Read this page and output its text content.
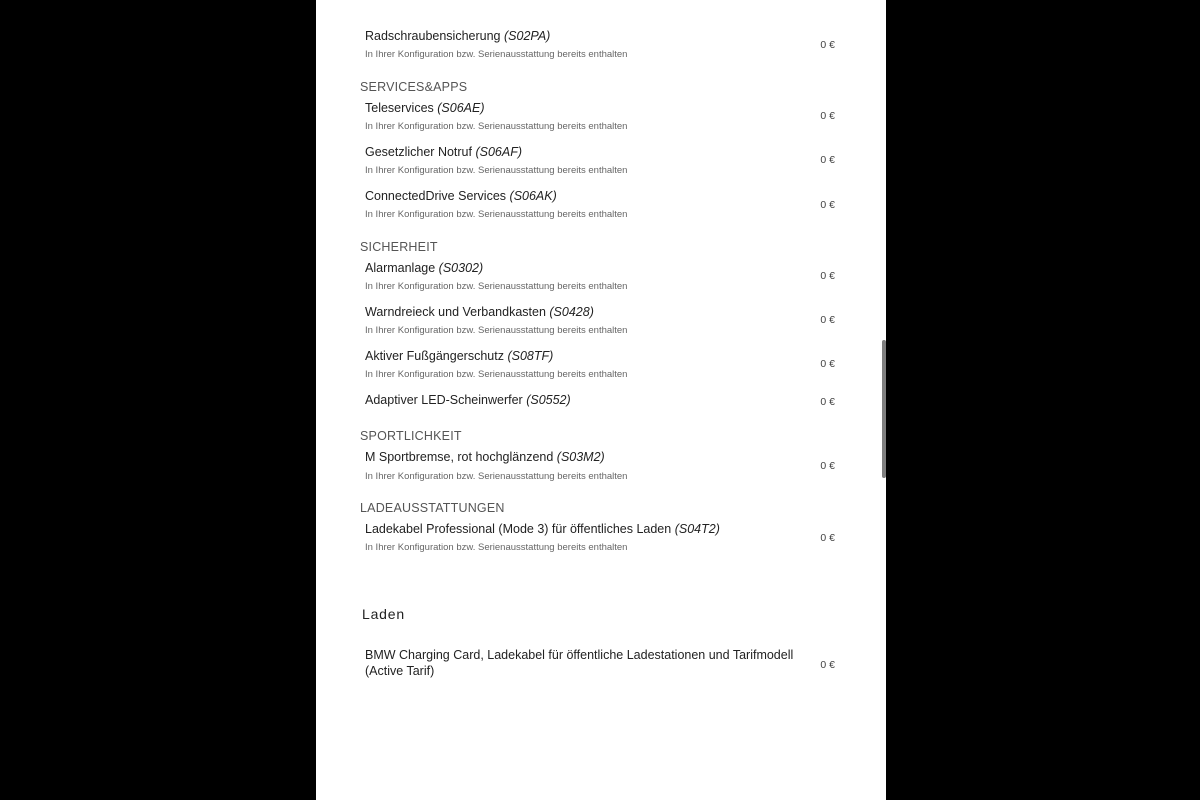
Radschraubensicherung (S02PA)
In Ihrer Konfiguration bzw. Serienausstattung bereits enthalten
0 €
SERVICES&APPS
Teleservices (S06AE)
In Ihrer Konfiguration bzw. Serienausstattung bereits enthalten
0 €
Gesetzlicher Notruf (S06AF)
In Ihrer Konfiguration bzw. Serienausstattung bereits enthalten
0 €
ConnectedDrive Services (S06AK)
In Ihrer Konfiguration bzw. Serienausstattung bereits enthalten
0 €
SICHERHEIT
Alarmanlage (S0302)
In Ihrer Konfiguration bzw. Serienausstattung bereits enthalten
0 €
Warndreieck und Verbandkasten (S0428)
In Ihrer Konfiguration bzw. Serienausstattung bereits enthalten
0 €
Aktiver Fußgängerschutz (S08TF)
In Ihrer Konfiguration bzw. Serienausstattung bereits enthalten
0 €
Adaptiver LED-Scheinwerfer (S0552)	0 €
SPORTLICHKEIT
M Sportbremse, rot hochglänzend (S03M2)
In Ihrer Konfiguration bzw. Serienausstattung bereits enthalten
0 €
LADEAUSSTATTUNGEN
Ladekabel Professional (Mode 3) für öffentliches Laden (S04T2)
In Ihrer Konfiguration bzw. Serienausstattung bereits enthalten
0 €
Laden
BMW Charging Card, Ladekabel für öffentliche Ladestationen und Tarifmodell (Active Tarif)	0 €
